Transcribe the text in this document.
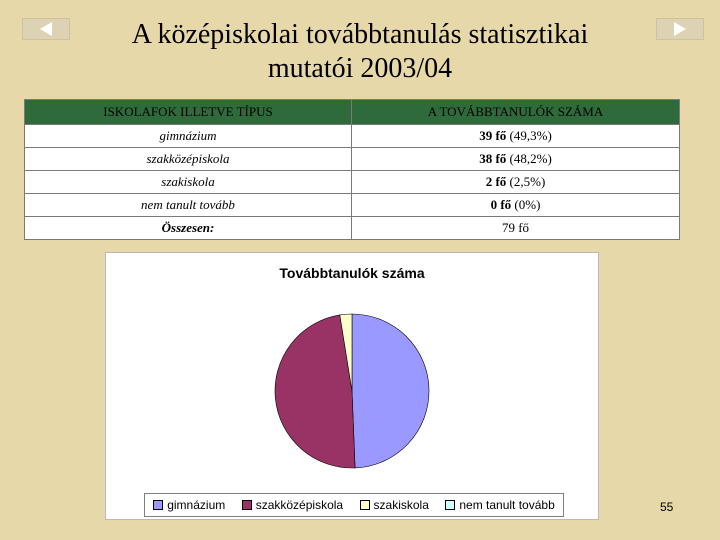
A középiskolai továbbtanulás statisztikai mutatói 2003/04
ISKOLAFOK ILLETVE TÍPUS	A TOVÁBBTANULÓK SZÁMA
gimnázium	39 fő (49,3%)
szakközépiskola	38 fő (48,2%)
szakiskola	2 fő (2,5%)
nem tanult tovább	0 fő (0%)
Összesen:	79 fő
Továbbtanulók száma
gimnázium	szakközépiskola	szakiskola	nem tanult tovább	55
